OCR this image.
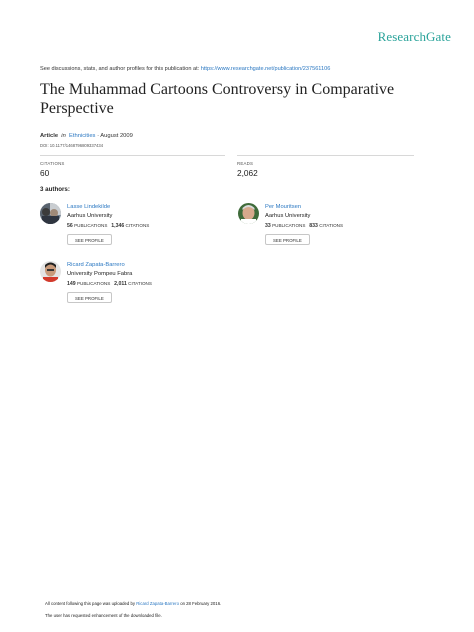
ResearchGate
See discussions, stats, and author profiles for this publication at: https://www.researchgate.net/publication/237561106
The Muhammad Cartoons Controversy in Comparative Perspective
Article in Ethnicities · August 2009
DOI: 10.1177/1468796809337434
CITATIONS
60
READS
2,062
3 authors:
Lasse Lindekilde
Aarhus University
56 PUBLICATIONS 1,346 CITATIONS
SEE PROFILE
Per Mouritsen
Aarhus University
33 PUBLICATIONS 833 CITATIONS
SEE PROFILE
Ricard Zapata-Barrero
University Pompeu Fabra
149 PUBLICATIONS 2,011 CITATIONS
SEE PROFILE
All content following this page was uploaded by Ricard Zapata-Barrero on 28 February 2016.
The user has requested enhancement of the downloaded file.
